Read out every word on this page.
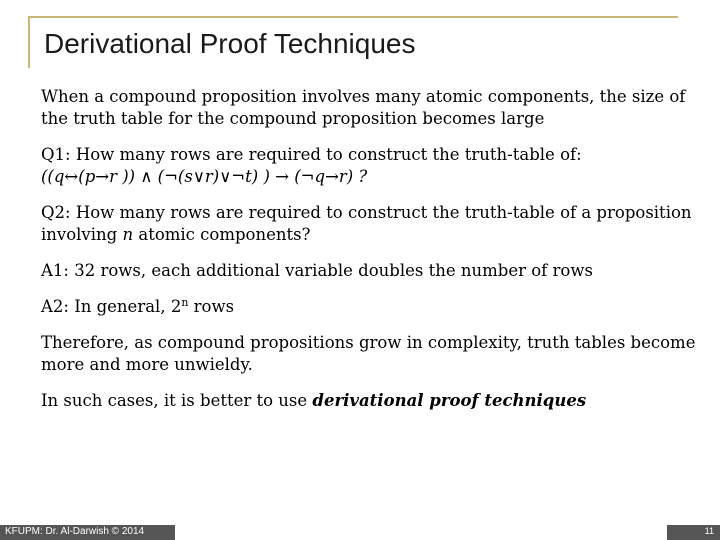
Derivational Proof Techniques

When a compound proposition involves many atomic components, the size of the truth table for the compound proposition becomes large

Q1: How many rows are required to construct the truth-table of:
((q↔(p→r )) ∧ (¬(s∨r)∨¬t) ) → (¬q→r) ?

Q2: How many rows are required to construct the truth-table of a proposition involving n atomic components?

A1: 32 rows, each additional variable doubles the number of rows

A2: In general, 2$^n$ rows

Therefore, as compound propositions grow in complexity, truth tables become more and more unwieldy.

In such cases, it is better to use derivational proof techniques

KFUPM: Dr. Al-Darwish © 2014	11
